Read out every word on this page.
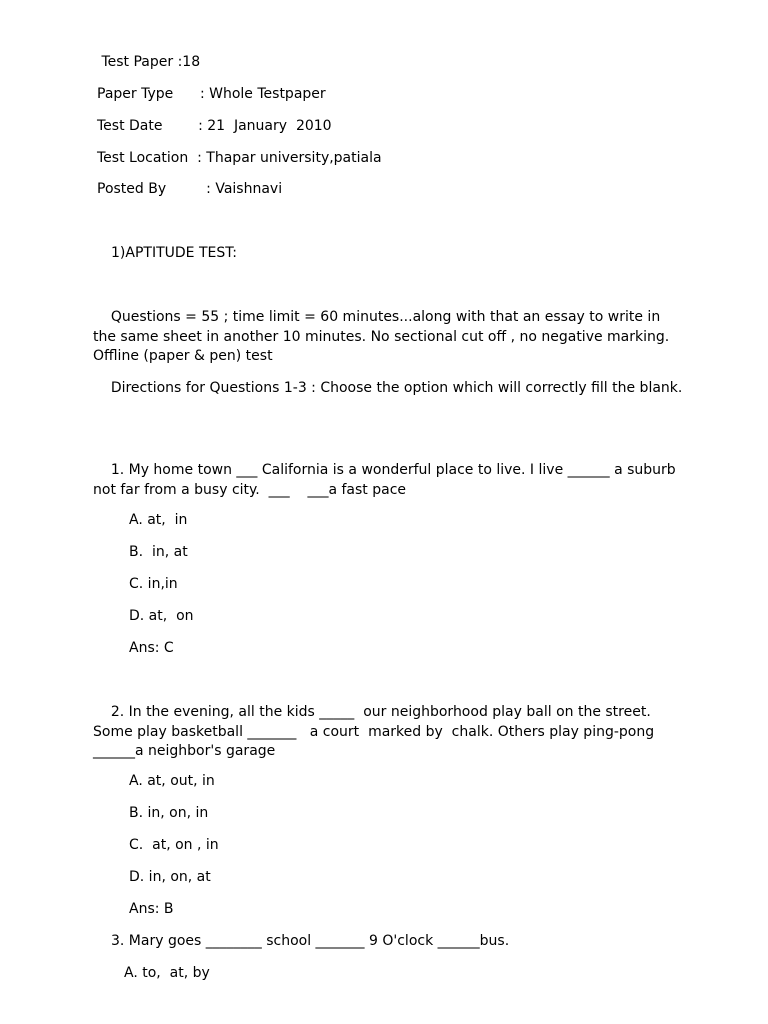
Test Paper :18
Paper Type      : Whole Testpaper
Test Date        : 21  January  2010
Test Location  : Thapar university,patiala
Posted By         : Vaishnavi
1)APTITUDE TEST:
Questions = 55 ; time limit = 60 minutes...along with that an essay to write in the same sheet in another 10 minutes. No sectional cut off , no negative marking. Offline (paper & pen) test
Directions for Questions 1-3 : Choose the option which will correctly fill the blank.
1. My home town ___ California is a wonderful place to live. I live ______ a suburb not far from a busy city.  ___    ___a fast pace
A. at,  in
B.  in, at
C. in,in
D. at,  on
Ans: C
2. In the evening, all the kids _____  our neighborhood play ball on the street. Some play basketball _______   a court  marked by  chalk. Others play ping-pong ______a neighbor's garage
A. at, out, in
B. in, on, in
C.  at, on , in
D. in, on, at
Ans: B
3. Mary goes ________ school _______ 9 O'clock ______bus.
A. to,  at, by
